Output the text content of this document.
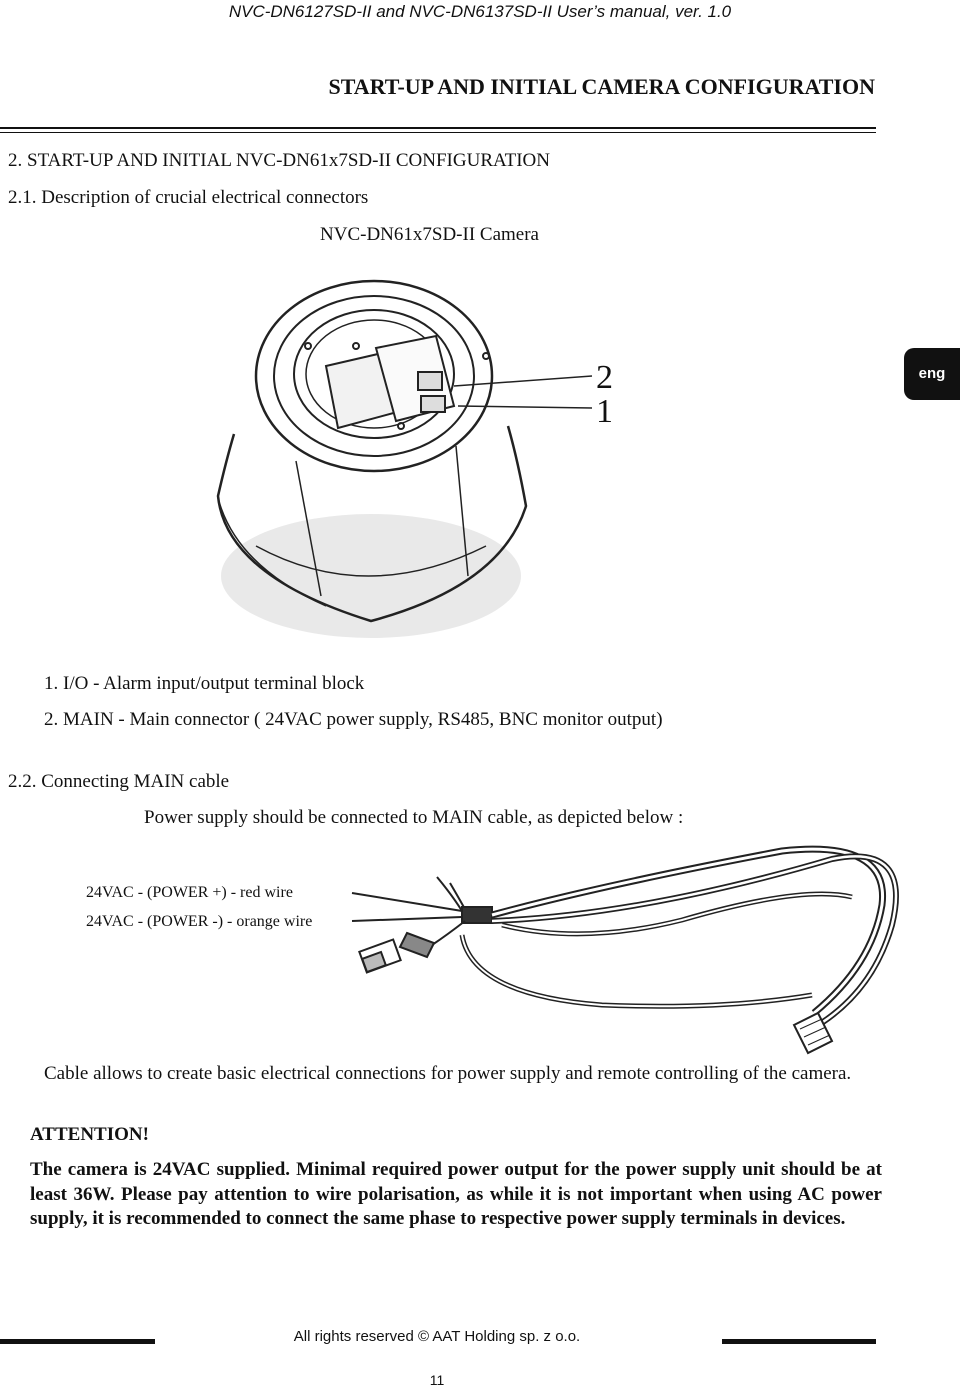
NVC-DN6127SD-II and NVC-DN6137SD-II User’s manual, ver. 1.0
START-UP AND INITIAL CAMERA CONFIGURATION
2. START-UP AND INITIAL NVC-DN61x7SD-II CONFIGURATION
2.1. Description of crucial electrical connectors
NVC-DN61x7SD-II Camera
eng
2
1
1. I/O - Alarm input/output terminal block
2. MAIN - Main connector ( 24VAC power supply, RS485, BNC monitor output)
2.2. Connecting MAIN cable
Power supply should be connected to MAIN cable, as depicted below :
24VAC - (POWER +) - red wire
24VAC - (POWER -) - orange wire
Cable allows to create basic electrical connections for power supply and remote controlling of the camera.
ATTENTION!
The camera is 24VAC supplied. Minimal required power output for the power supply unit should be at least 36W. Please pay attention to wire polarisation, as while it is not important when using AC power supply, it is recommended to connect the same phase to respective power supply terminals in devices.
All rights reserved © AAT Holding sp. z o.o.
11
